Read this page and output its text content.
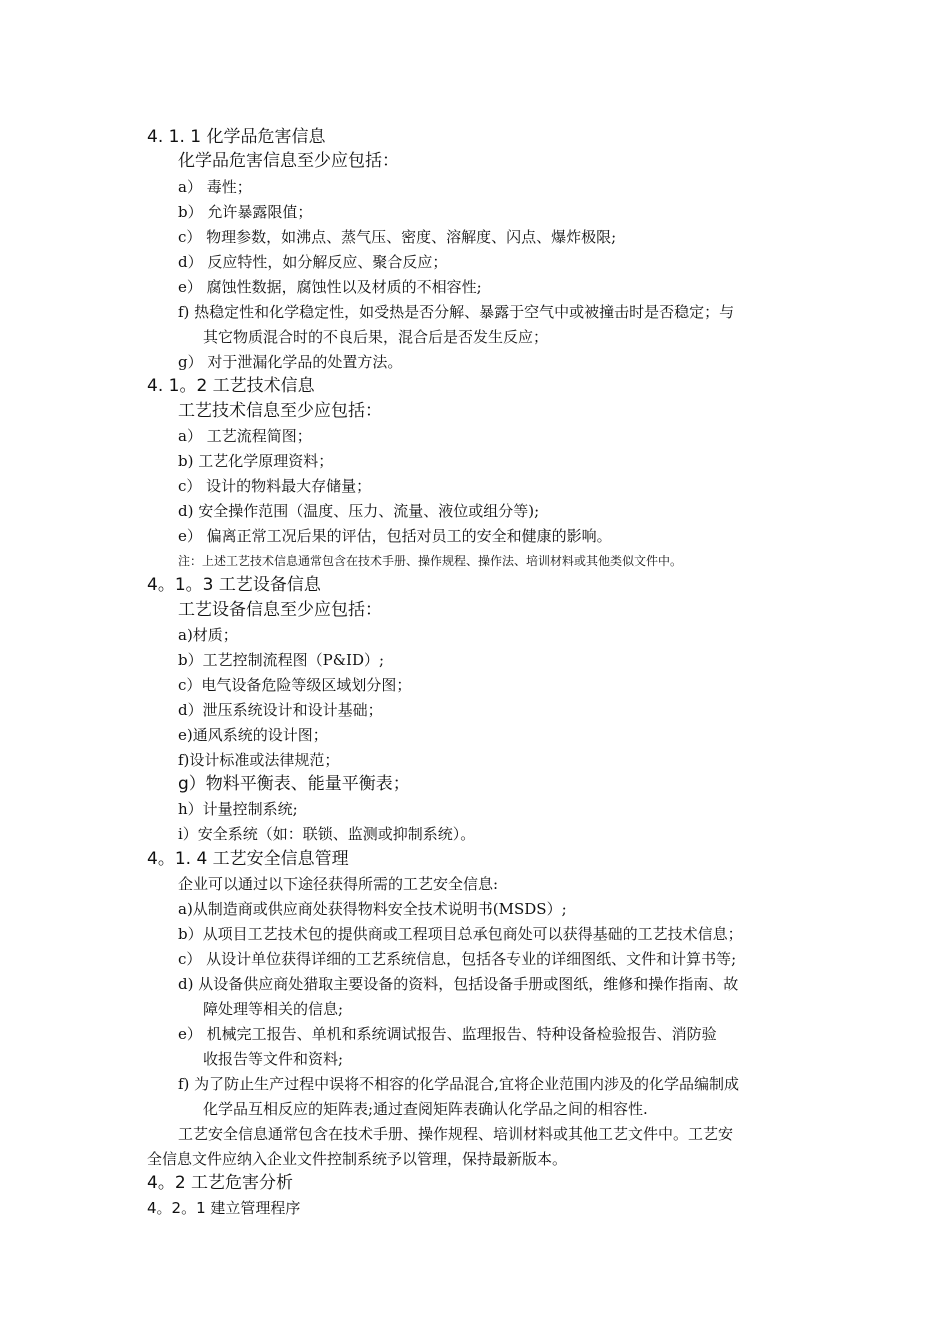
4. 1. 1 化学品危害信息
化学品危害信息至少应包括：
a） 毒性；
b） 允许暴露限值；
c） 物理参数，如沸点、蒸气压、密度、溶解度、闪点、爆炸极限;
d） 反应特性，如分解反应、聚合反应；
e） 腐蚀性数据，腐蚀性以及材质的不相容性;
f) 热稳定性和化学稳定性，如受热是否分解、暴露于空气中或被撞击时是否稳定；与
其它物质混合时的不良后果，混合后是否发生反应；
g） 对于泄漏化学品的处置方法。
4. 1。2 工艺技术信息
工艺技术信息至少应包括：
a） 工艺流程简图；
b) 工艺化学原理资料；
c） 设计的物料最大存储量；
d) 安全操作范围（温度、压力、流量、液位或组分等);
e） 偏离正常工况后果的评估，包括对员工的安全和健康的影响。
注：上述工艺技术信息通常包含在技术手册、操作规程、操作法、培训材料或其他类似文件中。
4。1。3 工艺设备信息
工艺设备信息至少应包括：
a)材质；
b）工艺控制流程图（P&ID）;
c）电气设备危险等级区域划分图；
d）泄压系统设计和设计基础；
e)通风系统的设计图；
f)设计标准或法律规范；
g）物料平衡表、能量平衡表；
h）计量控制系统;
i）安全系统（如：联锁、监测或抑制系统）。
4。1. 4 工艺安全信息管理
企业可以通过以下途径获得所需的工艺安全信息:
a)从制造商或供应商处获得物料安全技术说明书(MSDS）;
b）从项目工艺技术包的提供商或工程项目总承包商处可以获得基础的工艺技术信息；
c） 从设计单位获得详细的工艺系统信息，包括各专业的详细图纸、文件和计算书等;
d) 从设备供应商处猎取主要设备的资料，包括设备手册或图纸，维修和操作指南、故
障处理等相关的信息;
e） 机械完工报告、单机和系统调试报告、监理报告、特种设备检验报告、消防验
收报告等文件和资料;
f) 为了防止生产过程中误将不相容的化学品混合,宜将企业范围内涉及的化学品编制成
化学品互相反应的矩阵表;通过查阅矩阵表确认化学品之间的相容性.
工艺安全信息通常包含在技术手册、操作规程、培训材料或其他工艺文件中。工艺安
全信息文件应纳入企业文件控制系统予以管理，保持最新版本。
4。2 工艺危害分析
4。2。1 建立管理程序
